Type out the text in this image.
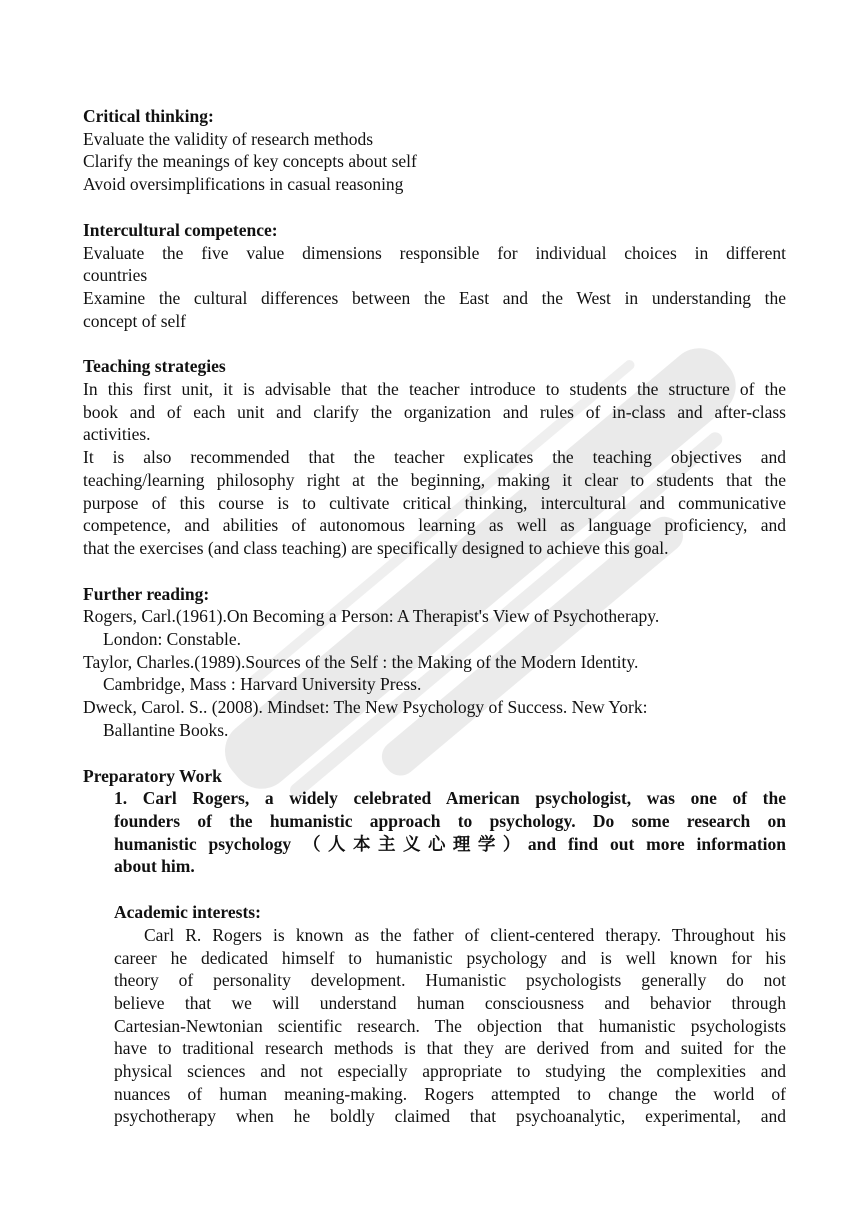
Critical thinking:
Evaluate the validity of research methods
Clarify the meanings of key concepts about self
Avoid oversimplifications in casual reasoning
Intercultural competence:
Evaluate the five value dimensions responsible for individual choices in different
countries
Examine the cultural differences between the East and the West in understanding the
concept of self
Teaching strategies
In this first unit, it is advisable that the teacher introduce to students the structure of the
book and of each unit and clarify the organization and rules of in-class and after-class
activities.
It is also recommended that the teacher explicates the teaching objectives and
teaching/learning philosophy right at the beginning, making it clear to students that the
purpose of this course is to cultivate critical thinking, intercultural and communicative
competence, and abilities of autonomous learning as well as language proficiency, and
that the exercises (and class teaching) are specifically designed to achieve this goal.
Further reading:
Rogers, Carl.(1961).On Becoming a Person: A Therapist's View of Psychotherapy.
London: Constable.
Taylor, Charles.(1989).Sources of the Self : the Making of the Modern Identity.
Cambridge, Mass : Harvard University Press.
Dweck, Carol. S.. (2008). Mindset: The New Psychology of Success. New York:
Ballantine Books.
Preparatory Work
1. Carl Rogers, a widely celebrated American psychologist, was one of the
founders of the humanistic approach to psychology. Do some research on
humanistic psychology （人本主义心理学）and find out more information
about him.
Academic interests:
Carl R. Rogers is known as the father of client-centered therapy. Throughout his
career he dedicated himself to humanistic psychology and is well known for his
theory of personality development. Humanistic psychologists generally do not
believe that we will understand human consciousness and behavior through
Cartesian-Newtonian scientific research. The objection that humanistic psychologists
have to traditional research methods is that they are derived from and suited for the
physical sciences and not especially appropriate to studying the complexities and
nuances of human meaning-making. Rogers attempted to change the world of
psychotherapy when he boldly claimed that psychoanalytic, experimental, and
